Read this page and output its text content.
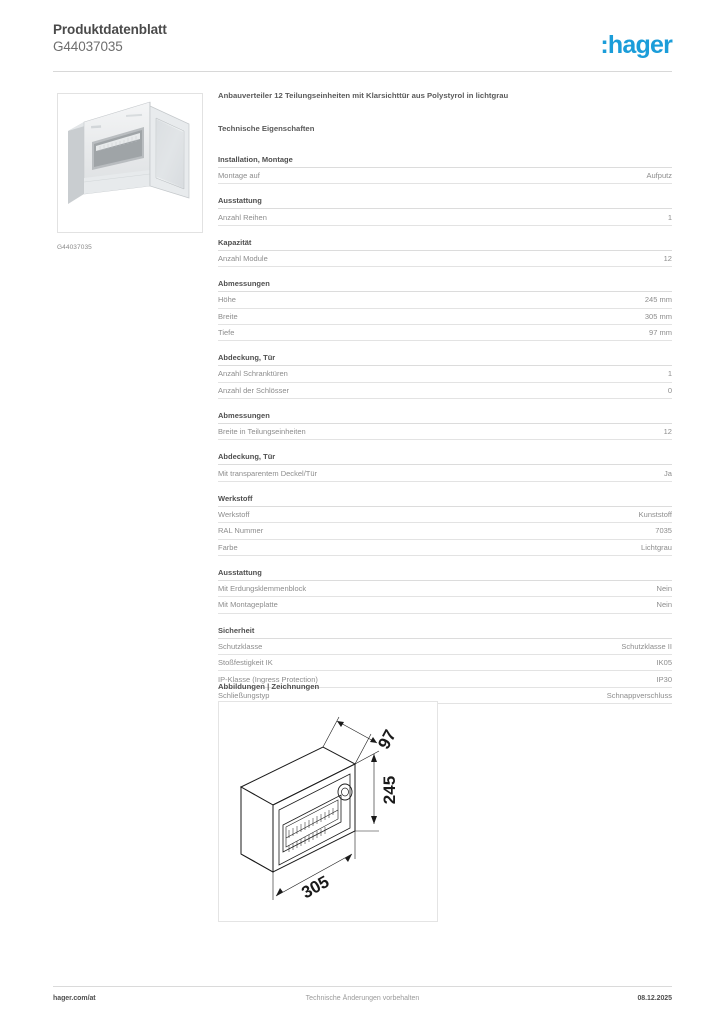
Produktdatenblatt
G44037035	:hager
G44037035
Anbauverteiler 12 Teilungseinheiten mit Klarsichttür aus Polystyrol in lichtgrau
Technische Eigenschaften
Installation, Montage
Montage auf	Aufputz
Ausstattung
Anzahl Reihen	1
Kapazität
Anzahl Module	12
Abmessungen
Höhe	245 mm
Breite	305 mm
Tiefe	97 mm
Abdeckung, Tür
Anzahl Schranktüren	1
Anzahl der Schlösser	0
Abmessungen
Breite in Teilungseinheiten	12
Abdeckung, Tür
Mit transparentem Deckel/Tür	Ja
Werkstoff
Werkstoff	Kunststoff
RAL Nummer	7035
Farbe	Lichtgrau
Ausstattung
Mit Erdungsklemmenblock	Nein
Mit Montageplatte	Nein
Sicherheit
Schutzklasse	Schutzklasse II
Stoßfestigkeit IK	IK05
IP-Klasse (Ingress Protection)	IP30
Schließungstyp	Schnappverschluss
Abbildungen | Zeichnungen
97
245
305
hager.com/at	Technische Änderungen vorbehalten	08.12.2025
